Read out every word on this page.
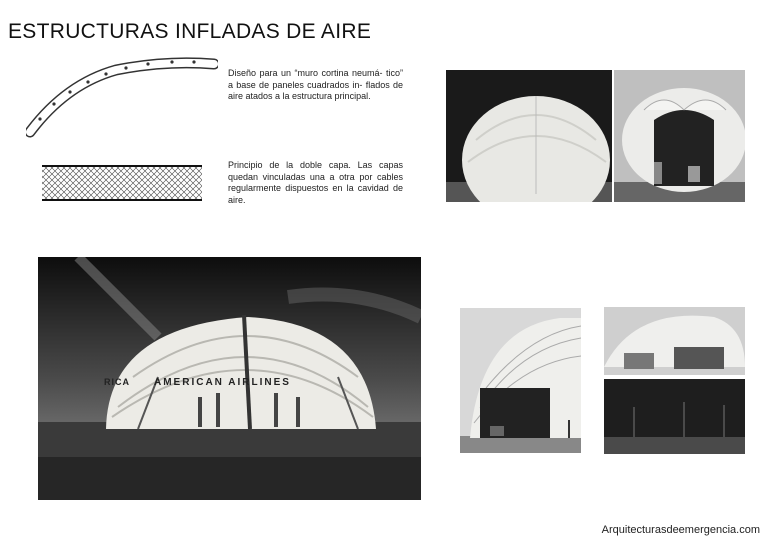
ESTRUCTURAS INFLADAS DE AIRE
Diseño para un “muro cortina neumá- tico” a base de paneles cuadrados in- flados de aire atados a la estructura principal.
Principio de la doble capa. Las capas quedan vinculadas una a otra por cables regularmente dispuestos en la cavidad de aire.
RICA AMERICAN AIRLINES
Arquitecturasdeemergencia.com
